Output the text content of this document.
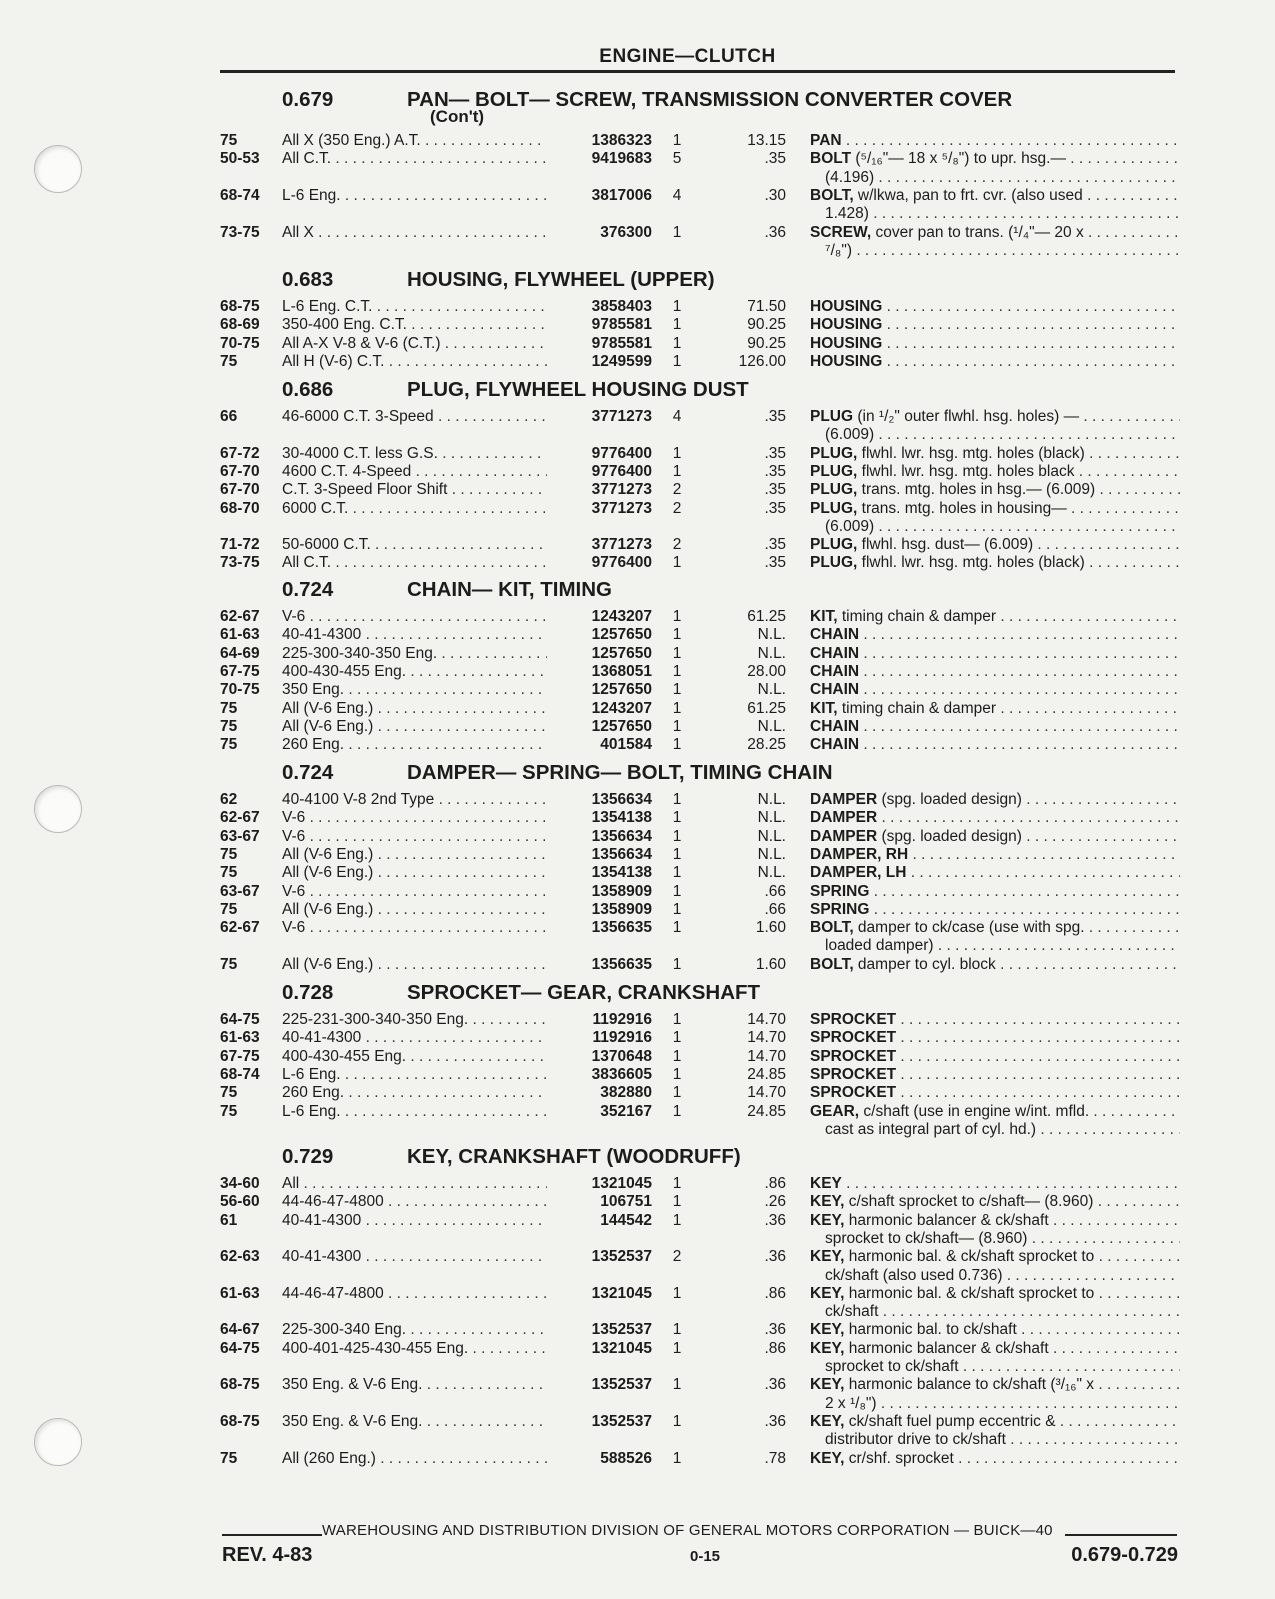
ENGINE—CLUTCH
0.679	PAN— BOLT— SCREW, TRANSMISSION CONVERTER COVER
(Con't)
75	All X (350 Eng.) A.T. . . .	1386323	1	13.15 PAN . . .
50-53 All C.T. . . .	9419683	5	.35 BOLT (⁵/₁₆"— 18 x ⁵/₈") to upr. hsg.— . . .
(4.196) . . .
68-74 L-6 Eng. . . .	3817006	4	.30 BOLT, w/lkwa, pan to frt. cvr. (also used . . .
1.428) . . .
73-75 All X . . .	376300	1	.36 SCREW, cover pan to trans. (¹/₄"— 20 x . . .
⁷/₈") . . .
0.683	HOUSING, FLYWHEEL (UPPER)
68-75 L-6 Eng. C.T. . . .	3858403	1	71.50 HOUSING . . .
68-69 350-400 Eng. C.T. . . .	9785581	1	90.25 HOUSING . . .
70-75 All A-X V-8 & V-6 (C.T.) . . .	9785581	1	90.25 HOUSING . . .
75	All H (V-6) C.T. . . .	1249599	1	126.00 HOUSING . . .
0.686	PLUG, FLYWHEEL HOUSING DUST
66	46-6000 C.T. 3-Speed . . .	3771273	4	.35 PLUG (in ¹/₂" outer flwhl. hsg. holes) — . . .
(6.009) . . .
67-72 30-4000 C.T. less G.S. . . .	9776400	1	.35 PLUG, flwhl. lwr. hsg. mtg. holes (black) . . .
67-70 4600 C.T. 4-Speed . . .	9776400	1	.35 PLUG, flwhl. lwr. hsg. mtg. holes black . . .
67-70 C.T. 3-Speed Floor Shift . . .	3771273	2	.35 PLUG, trans. mtg. holes in hsg.— (6.009) . . .
68-70 6000 C.T. . . .	3771273	2	.35 PLUG, trans. mtg. holes in housing— . . .
(6.009) . . .
71-72 50-6000 C.T. . . .	3771273	2	.35 PLUG, flwhl. hsg. dust— (6.009) . . .
73-75 All C.T. . . .	9776400	1	.35 PLUG, flwhl. lwr. hsg. mtg. holes (black) . . .
0.724	CHAIN— KIT, TIMING
62-67 V-6 . . .	1243207	1	61.25 KIT, timing chain & damper . . .
61-63 40-41-4300 . . .	1257650	1	N.L. CHAIN . . .
64-69 225-300-340-350 Eng. . . .	1257650	1	N.L. CHAIN . . .
67-75 400-430-455 Eng. . . .	1368051	1	28.00 CHAIN . . .
70-75 350 Eng. . . .	1257650	1	N.L. CHAIN . . .
75	All (V-6 Eng.) . . .	1243207	1	61.25 KIT, timing chain & damper . . .
75	All (V-6 Eng.) . . .	1257650	1	N.L. CHAIN . . .
75	260 Eng. . . .	401584	1	28.25 CHAIN . . .
0.724	DAMPER— SPRING— BOLT, TIMING CHAIN
62	40-4100 V-8 2nd Type . . .	1356634	1	N.L. DAMPER (spg. loaded design) . . .
62-67 V-6 . . .	1354138	1	N.L. DAMPER . . .
63-67 V-6 . . .	1356634	1	N.L. DAMPER (spg. loaded design) . . .
75	All (V-6 Eng.) . . .	1356634	1	N.L. DAMPER, RH . . .
75	All (V-6 Eng.) . . .	1354138	1	N.L. DAMPER, LH . . .
63-67 V-6 . . .	1358909	1	.66 SPRING . . .
75	All (V-6 Eng.) . . .	1358909	1	.66 SPRING . . .
62-67 V-6 . . .	1356635	1	1.60 BOLT, damper to ck/case (use with spg. . . .
loaded damper) . . .
75	All (V-6 Eng.) . . .	1356635	1	1.60 BOLT, damper to cyl. block . . .
0.728	SPROCKET— GEAR, CRANKSHAFT
64-75 225-231-300-340-350 Eng. . . .	1192916	1	14.70 SPROCKET . . .
61-63 40-41-4300 . . .	1192916	1	14.70 SPROCKET . . .
67-75 400-430-455 Eng. . . .	1370648	1	14.70 SPROCKET . . .
68-74 L-6 Eng. . . .	3836605	1	24.85 SPROCKET . . .
75	260 Eng. . . .	382880	1	14.70 SPROCKET . . .
75	L-6 Eng. . . .	352167	1	24.85 GEAR, c/shaft (use in engine w/int. mfld. . . .
cast as integral part of cyl. hd.) . . .
0.729	KEY, CRANKSHAFT (WOODRUFF)
34-60 All . . .	1321045	1	.86 KEY . . .
56-60 44-46-47-4800 . . .	106751	1	.26 KEY, c/shaft sprocket to c/shaft— (8.960) . . .
61	40-41-4300 . . .	144542	1	.36 KEY, harmonic balancer & ck/shaft . . .
sprocket to ck/shaft— (8.960) . . .
62-63 40-41-4300 . . .	1352537	2	.36 KEY, harmonic bal. & ck/shaft sprocket to . . .
ck/shaft (also used 0.736) . . .
61-63 44-46-47-4800 . . .	1321045	1	.86 KEY, harmonic bal. & ck/shaft sprocket to . . .
ck/shaft . . .
64-67 225-300-340 Eng. . . .	1352537	1	.36 KEY, harmonic bal. to ck/shaft . . .
64-75 400-401-425-430-455 Eng. . . .	1321045	1	.86 KEY, harmonic balancer & ck/shaft . . .
sprocket to ck/shaft . . .
68-75 350 Eng. & V-6 Eng. . . .	1352537	1	.36 KEY, harmonic balance to ck/shaft (³/₁₆" x . . .
2 x ¹/₈") . . .
68-75 350 Eng. & V-6 Eng. . . .	1352537	1	.36 KEY, ck/shaft fuel pump eccentric & . . .
distributor drive to ck/shaft . . .
75	All (260 Eng.) . . .	588526	1	.78 KEY, cr/shf. sprocket . . .
WAREHOUSING AND DISTRIBUTION DIVISION OF GENERAL MOTORS CORPORATION — BUICK—40
REV. 4-83	0-15	0.679-0.729
